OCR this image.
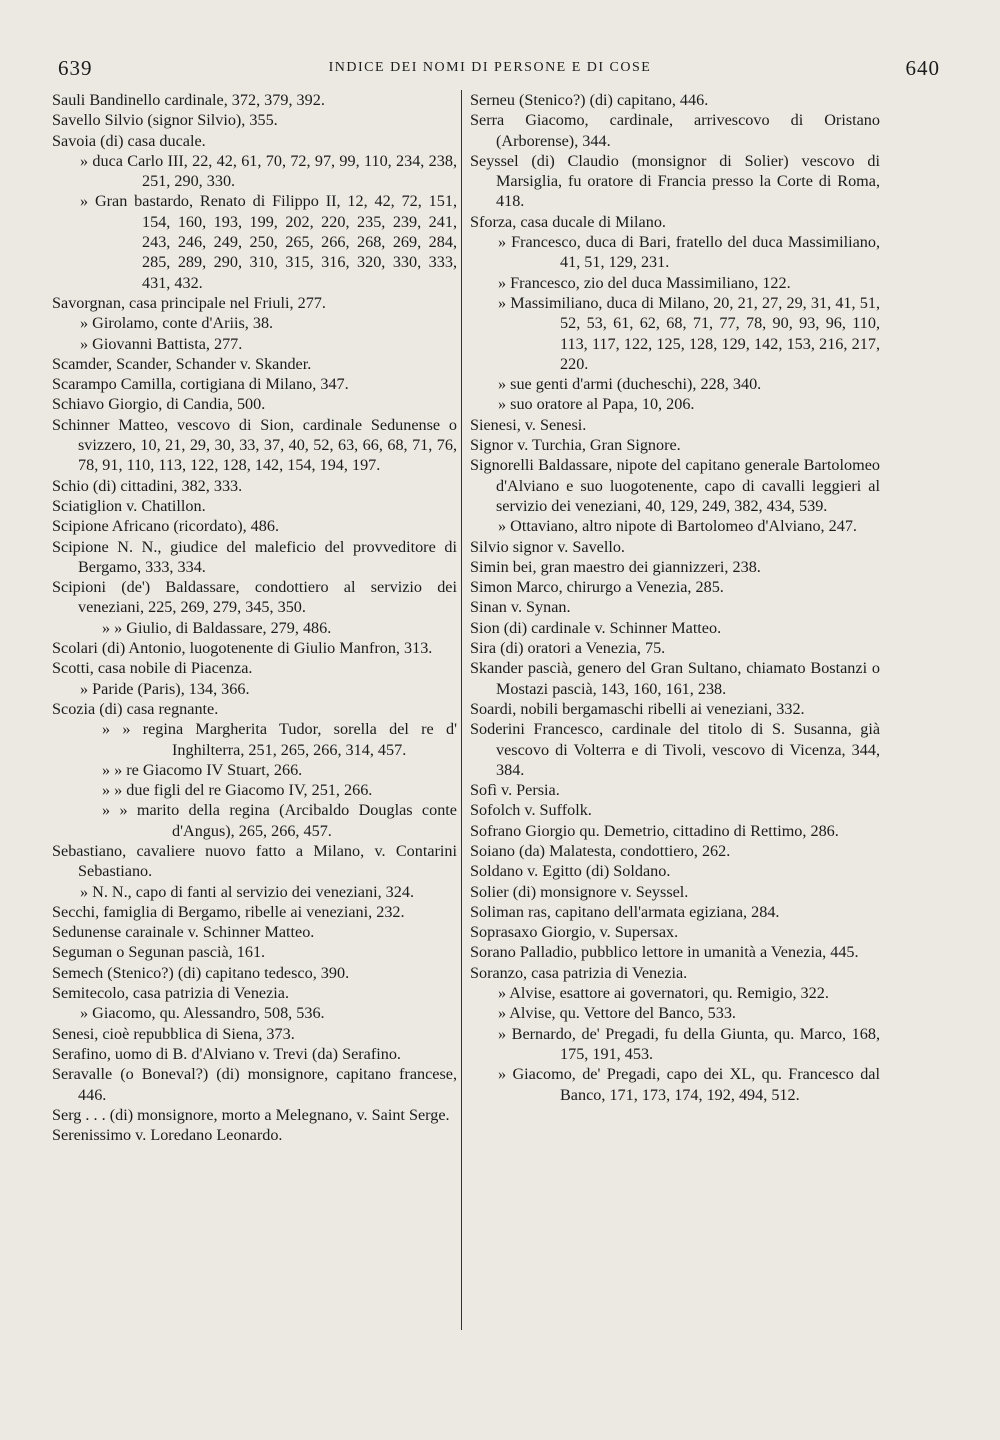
639	INDICE DEI NOMI DI PERSONE E DI COSE	640

Sauli Bandinello cardinale, 372, 379, 392.

Savello Silvio (signor Silvio), 355.

Savoia (di) casa ducale.

» duca Carlo III, 22, 42, 61, 70, 72, 97, 99, 110, 234, 238, 251, 290, 330.

» Gran bastardo, Renato di Filippo II, 12, 42, 72, 151, 154, 160, 193, 199, 202, 220, 235, 239, 241, 243, 246, 249, 250, 265, 266, 268, 269, 284, 285, 289, 290, 310, 315, 316, 320, 330, 333, 431, 432.

Savorgnan, casa principale nel Friuli, 277.

» Girolamo, conte d'Ariis, 38.

» Giovanni Battista, 277.

Scamder, Scander, Schander v. Skander.

Scarampo Camilla, cortigiana di Milano, 347.

Schiavo Giorgio, di Candia, 500.

Schinner Matteo, vescovo di Sion, cardinale Sedunense o svizzero, 10, 21, 29, 30, 33, 37, 40, 52, 63, 66, 68, 71, 76, 78, 91, 110, 113, 122, 128, 142, 154, 194, 197.

Schio (di) cittadini, 382, 333.

Sciatiglion v. Chatillon.

Scipione Africano (ricordato), 486.

Scipione N. N., giudice del maleficio del provveditore di Bergamo, 333, 334.

Scipioni (de') Baldassare, condottiero al servizio dei veneziani, 225, 269, 279, 345, 350.

» » Giulio, di Baldassare, 279, 486.

Scolari (di) Antonio, luogotenente di Giulio Manfron, 313.

Scotti, casa nobile di Piacenza.

» Paride (Paris), 134, 366.

Scozia (di) casa regnante.

» » regina Margherita Tudor, sorella del re d' Inghilterra, 251, 265, 266, 314, 457.

» » re Giacomo IV Stuart, 266.

» » due figli del re Giacomo IV, 251, 266.

» » marito della regina (Arcibaldo Douglas conte d'Angus), 265, 266, 457.

Sebastiano, cavaliere nuovo fatto a Milano, v. Contarini Sebastiano.

» N. N., capo di fanti al servizio dei veneziani, 324.

Secchi, famiglia di Bergamo, ribelle ai veneziani, 232.

Sedunense carainale v. Schinner Matteo.

Seguman o Segunan pascià, 161.

Semech (Stenico?) (di) capitano tedesco, 390.

Semitecolo, casa patrizia di Venezia.

» Giacomo, qu. Alessandro, 508, 536.

Senesi, cioè repubblica di Siena, 373.

Serafino, uomo di B. d'Alviano v. Trevi (da) Serafino.

Seravalle (o Boneval?) (di) monsignore, capitano francese, 446.

Serg . . . (di) monsignore, morto a Melegnano, v. Saint Serge.

Serenissimo v. Loredano Leonardo.

Serneu (Stenico?) (di) capitano, 446.

Serra Giacomo, cardinale, arrivescovo di Oristano (Arborense), 344.

Seyssel (di) Claudio (monsignor di Solier) vescovo di Marsiglia, fu oratore di Francia presso la Corte di Roma, 418.

Sforza, casa ducale di Milano.

» Francesco, duca di Bari, fratello del duca Massimiliano, 41, 51, 129, 231.

» Francesco, zio del duca Massimiliano, 122.

» Massimiliano, duca di Milano, 20, 21, 27, 29, 31, 41, 51, 52, 53, 61, 62, 68, 71, 77, 78, 90, 93, 96, 110, 113, 117, 122, 125, 128, 129, 142, 153, 216, 217, 220.

» sue genti d'armi (ducheschi), 228, 340.

» suo oratore al Papa, 10, 206.

Sienesi, v. Senesi.

Signor v. Turchia, Gran Signore.

Signorelli Baldassare, nipote del capitano generale Bartolomeo d'Alviano e suo luogotenente, capo di cavalli leggieri al servizio dei veneziani, 40, 129, 249, 382, 434, 539.

» Ottaviano, altro nipote di Bartolomeo d'Alviano, 247.

Silvio signor v. Savello.

Simin bei, gran maestro dei giannizzeri, 238.

Simon Marco, chirurgo a Venezia, 285.

Sinan v. Synan.

Sion (di) cardinale v. Schinner Matteo.

Sira (di) oratori a Venezia, 75.

Skander pascià, genero del Gran Sultano, chiamato Bostanzi o Mostazi pascià, 143, 160, 161, 238.

Soardi, nobili bergamaschi ribelli ai veneziani, 332.

Soderini Francesco, cardinale del titolo di S. Susanna, già vescovo di Volterra e di Tivoli, vescovo di Vicenza, 344, 384.

Sofì v. Persia.

Sofolch v. Suffolk.

Sofrano Giorgio qu. Demetrio, cittadino di Rettimo, 286.

Soiano (da) Malatesta, condottiero, 262.

Soldano v. Egitto (di) Soldano.

Solier (di) monsignore v. Seyssel.

Soliman ras, capitano dell'armata egiziana, 284.

Soprasaxo Giorgio, v. Supersax.

Sorano Palladio, pubblico lettore in umanità a Venezia, 445.

Soranzo, casa patrizia di Venezia.

» Alvise, esattore ai governatori, qu. Remigio, 322.

» Alvise, qu. Vettore del Banco, 533.

» Bernardo, de' Pregadi, fu della Giunta, qu. Marco, 168, 175, 191, 453.

» Giacomo, de' Pregadi, capo dei XL, qu. Francesco dal Banco, 171, 173, 174, 192, 494, 512.
